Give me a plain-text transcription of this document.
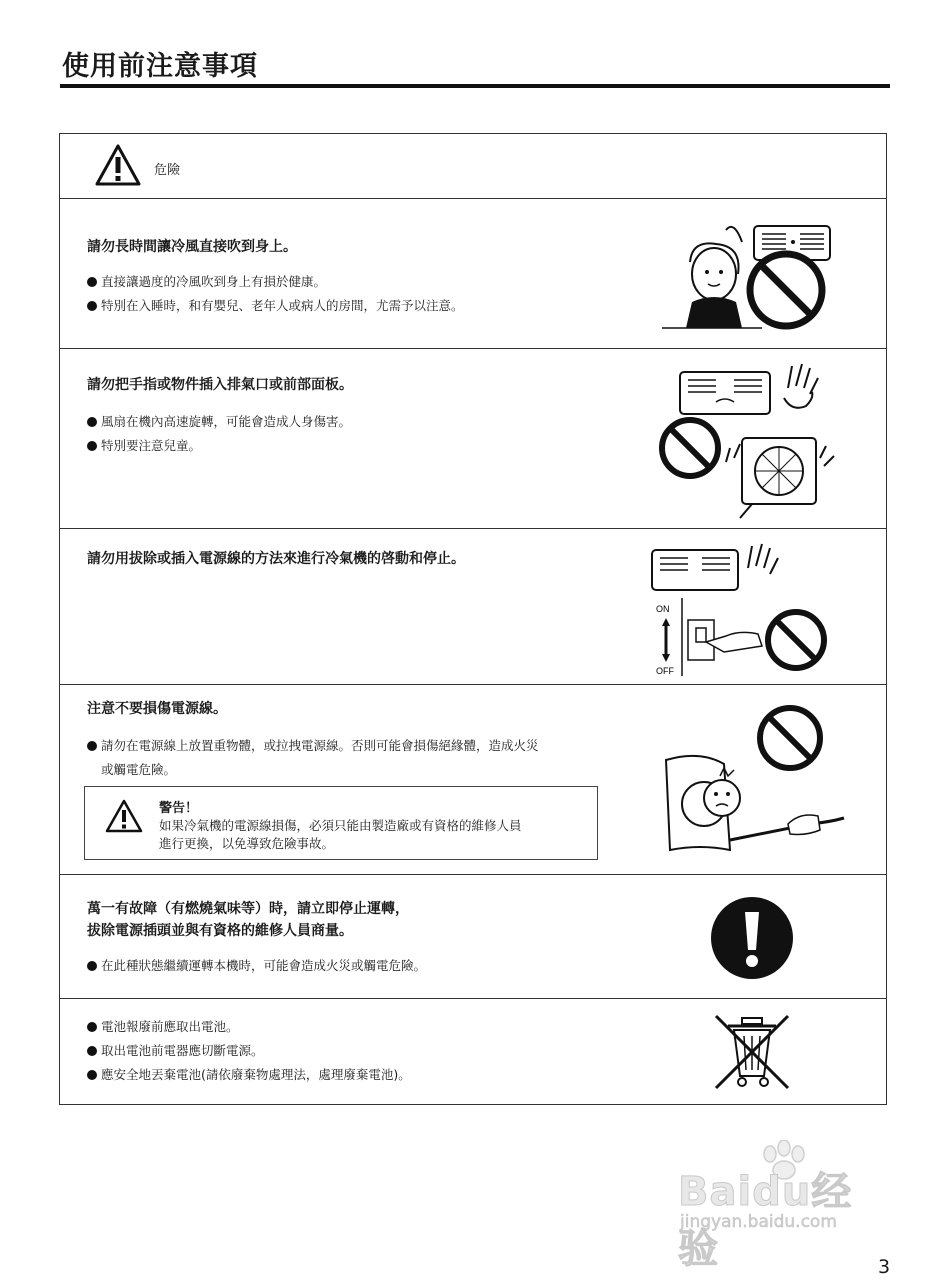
使用前注意事項
危險
請勿長時間讓冷風直接吹到身上。
直接讓過度的冷風吹到身上有損於健康。
特別在入睡時，和有嬰兒、老年人或病人的房間，尤需予以注意。
請勿把手指或物件插入排氣口或前部面板。
風扇在機內高速旋轉，可能會造成人身傷害。
特別要注意兒童。
請勿用拔除或插入電源線的方法來進行冷氣機的啓動和停止。
ON
OFF
注意不要損傷電源線。
請勿在電源線上放置重物體，或拉拽電源線。否則可能會損傷絕緣體，造成火災
或觸電危險。
警告！
如果冷氣機的電源線損傷，必須只能由製造廠或有資格的維修人員
進行更換，以免導致危險事故。
萬一有故障（有燃燒氣味等）時，請立即停止運轉，
拔除電源插頭並與有資格的維修人員商量。
在此種狀態繼續運轉本機時，可能會造成火災或觸電危險。
電池報廢前應取出電池。
取出電池前電器應切斷電源。
應安全地丟棄電池(請依廢棄物處理法，處理廢棄電池)。
Baidu经验
jingyan.baidu.com
3
